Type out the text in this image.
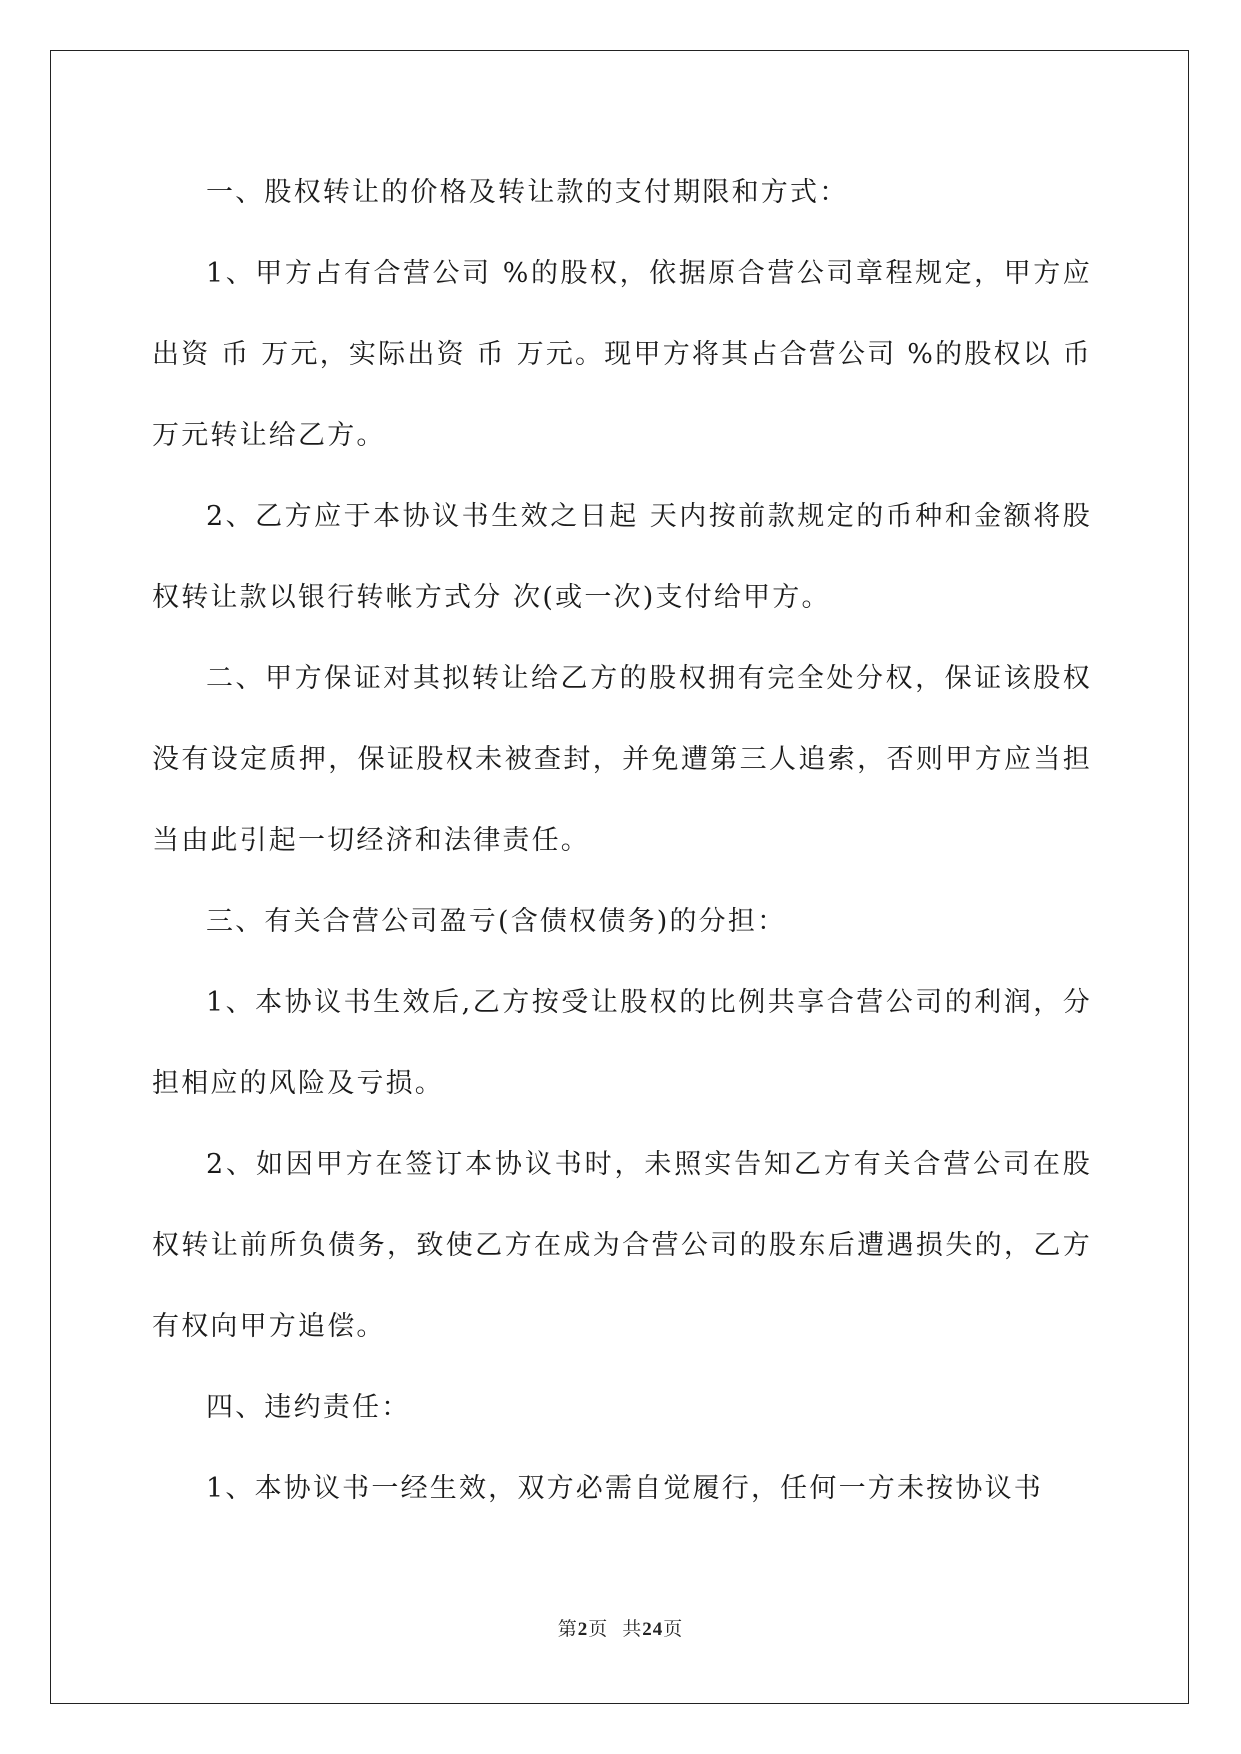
一、股权转让的价格及转让款的支付期限和方式：

1、甲方占有合营公司 %的股权，依据原合营公司章程规定，甲方应出资 币 万元，实际出资 币 万元。现甲方将其占合营公司 %的股权以 币 万元转让给乙方。

2、乙方应于本协议书生效之日起 天内按前款规定的币种和金额将股权转让款以银行转帐方式分 次(或一次)支付给甲方。

二、甲方保证对其拟转让给乙方的股权拥有完全处分权，保证该股权没有设定质押，保证股权未被查封，并免遭第三人追索，否则甲方应当担当由此引起一切经济和法律责任。

三、有关合营公司盈亏(含债权债务)的分担：

1、本协议书生效后,乙方按受让股权的比例共享合营公司的利润，分担相应的风险及亏损。

2、如因甲方在签订本协议书时，未照实告知乙方有关合营公司在股权转让前所负债务，致使乙方在成为合营公司的股东后遭遇损失的，乙方有权向甲方追偿。

四、违约责任：

1、本协议书一经生效，双方必需自觉履行，任何一方未按协议书

第2页 共24页
